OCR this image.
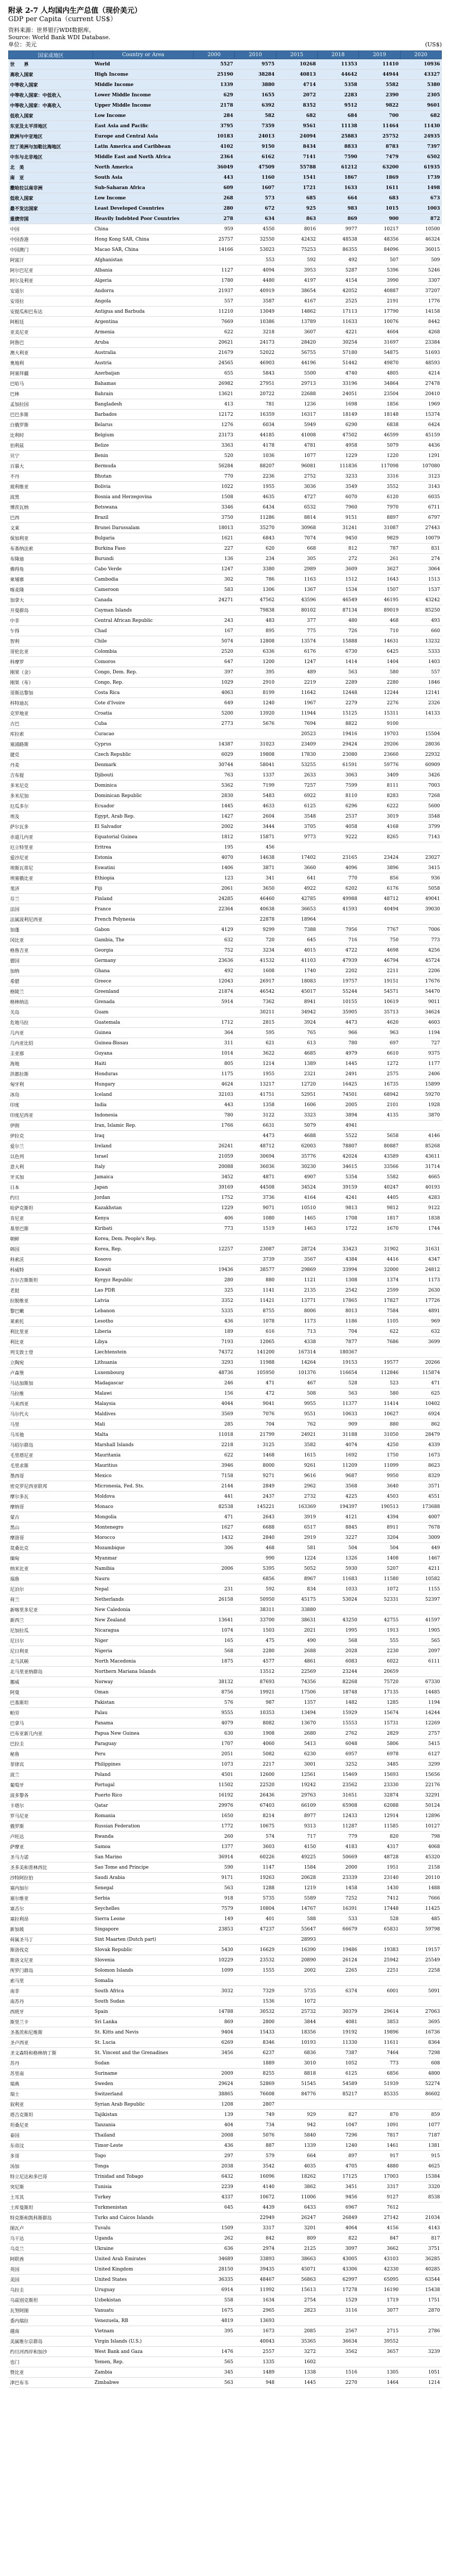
附录 2-7 人均国内生产总值（现价美元）

GDP per Capita（current US$）

资料来源：世界银行WDI数据库。

Source: World Bank WDI Database.

单位：美元	(US$)
国家或地区	Country or Area	2000	2010	2015	2018	2019	2020
世　　界	World	5527	9575	10268	11353	11410	10936
高收入国家	High Income	25190	38284	40813	44642	44944	43327
中等收入国家	Middle Income	1339	3880	4714	5358	5582	5380
中等收入国家：中低收入	Lower Middle Income	629	1655	2072	2283	2390	2305
中等收入国家：中高收入	Upper Middle Income	2178	6392	8352	9512	9822	9601
低收入国家	Low Income	284	582	682	684	700	682
东亚及太平洋地区	East Asia and Pacific	3795	7359	9561	11138	11464	11430
欧洲与中亚地区	Europe and Central Asia	10183	24013	24094	25883	25752	24935
拉丁美洲与加勒比海地区	Latin America and Caribbean	4102	9150	8434	8833	8783	7397
中东与北非地区	Middle East and North Africa	2364	6162	7141	7590	7479	6502
北　美	North America	36049	47509	55788	61212	63200	61935
南　亚	South Asia	443	1160	1541	1867	1869	1739
撒哈拉以南非洲	Sub-Saharan Africa	609	1607	1721	1633	1611	1498
低收入国家	Low Income	268	573	685	664	683	673
最不发达国家	Least Developed Countries	280	672	925	983	1015	1003
重债穷国	Heavily Indebted Poor Countries	278	634	863	869	900	872
中国	China	959	4550	8016	9977	10217	10500
中国香港	Hong Kong SAR, China	25757	32550	42432	48538	48356	46324
中国澳门	Macao SAR, China	14166	53023	75253	86355	84096	36015
阿富汗	Afghanistan		553	592	492	507	509
阿尔巴尼亚	Albania	1127	4094	3953	5287	5396	5246
阿尔及利亚	Algeria	1780	4480	4197	4154	3990	3307
安道尔	Andorra	21937	40919	38654	42052	40887	37207
安哥拉	Angola	557	3587	4167	2525	2191	1776
安提瓜和巴布达	Antigua and Barbuda	11210	13049	14862	17113	17790	14158
阿根廷	Argentina	7669	10386	13789	11633	10076	8442
亚美尼亚	Armenia	622	3218	3607	4221	4604	4268
阿鲁巴	Aruba	20621	24173	28420	30254	31697	23384
澳大利亚	Australia	21679	52022	56755	57180	54875	51693
奥地利	Austria	24565	46903	44196	51442	49870	48593
阿塞拜疆	Azerbaijan	655	5843	5500	4740	4805	4214
巴哈马	Bahamas	26982	27951	29713	33196	34864	27478
巴林	Bahrain	13621	20722	22688	24051	23504	20410
孟加拉国	Bangladesh	413	781	1236	1698	1856	1969
巴巴多斯	Barbados	12172	16359	16317	18149	18148	15374
白俄罗斯	Belarus	1276	6034	5949	6290	6838	6424
比利时	Belgium	23173	44185	41008	47502	46599	45159
伯利兹	Belize	3363	4178	4781	4958	5079	4436
贝宁	Benin	520	1036	1077	1229	1220	1291
百慕大	Bermuda	56284	88207	96081	111836	117098	107080
不丹	Bhutan	770	2236	2752	3233	3316	3123
玻利维亚	Bolivia	1022	1955	3036	3549	3552	3143
波黑	Bosnia and Herzegovina	1508	4635	4727	6070	6120	6035
博茨瓦纳	Botswana	3346	6434	6532	7960	7970	6711
巴西	Brazil	3750	11286	8814	9151	8897	6797
文莱	Brunei Darussalam	18013	35270	30968	31241	31087	27443
保加利亚	Bulgaria	1621	6843	7074	9450	9829	10079
布基纳法索	Burkina Faso	227	620	668	812	787	831
布隆迪	Burundi	136	234	305	272	261	274
佛得角	Cabo Verde	1247	3380	2989	3609	3627	3064
柬埔寨	Cambodia	302	786	1163	1512	1643	1513
喀麦隆	Cameroon	583	1306	1367	1534	1507	1537
加拿大	Canada	24271	47562	43596	46549	46195	43242
开曼群岛	Cayman Islands		79838	80102	87134	89019	85250
中非	Central African Republic	243	483	377	480	468	493
乍得	Chad	167	895	775	726	710	660
智利	Chile	5074	12808	13574	15888	14631	13232
哥伦比亚	Colombia	2520	6336	6176	6730	6425	5333
科摩罗	Comoros	647	1200	1247	1414	1404	1403
刚果（金）	Congo, Dem. Rep.	397	395	489	563	580	557
刚果（布）	Congo, Rep.	1029	2910	2219	2289	2280	1846
哥斯达黎加	Costa Rica	4063	8199	11642	12448	12244	12141
科特迪瓦	Cote d'Ivoire	649	1240	1967	2279	2276	2326
克罗地亚	Croatia	5200	13920	11944	15125	15311	14133
古巴	Cuba	2773	5676	7694	8822	9100	
库拉索	Curacao			20523	19416	19703	15504
塞浦路斯	Cyprus	14387	31023	23409	29424	29206	28036
捷克	Czech Republic	6029	19808	17830	23080	23660	22932
丹麦	Denmark	30744	58041	53255	61591	59776	60909
吉布提	Djibouti	763	1337	2633	3063	3409	3426
多米尼克	Dominica	5362	7199	7257	7599	8111	7003
多米尼加	Dominican Republic	2830	5483	6922	8110	8283	7268
厄瓜多尔	Ecuador	1445	4633	6125	6296	6222	5600
埃及	Egypt, Arab Rep.	1427	2604	3548	2537	3019	3548
萨尔瓦多	El Salvador	2002	3444	3705	4058	4168	3799
赤道几内亚	Equatorial Guinea	1812	15871	9773	9222	8265	7143
厄立特里亚	Eritrea	195	456				
爱沙尼亚	Estonia	4070	14638	17402	23165	23424	23027
埃斯瓦蒂尼	Eswatini	1406	3871	3660	4096	3896	3415
埃塞俄比亚	Ethiopia	123	341	641	770	856	936
斐济	Fiji	2061	3650	4922	6202	6176	5058
芬兰	Finland	24285	46460	42785	49988	48712	49041
法国	France	22364	40638	36653	41593	40494	39030
法属波利尼西亚	French Polynesia		22878	18964			
加蓬	Gabon	4129	9299	7388	7956	7767	7006
冈比亚	Gambia, The	632	720	645	716	750	773
格鲁吉亚	Georgia	752	3234	4015	4722	4698	4256
德国	Germany	23636	41532	41103	47939	46794	45724
加纳	Ghana	492	1608	1740	2202	2211	2206
希腊	Greece	12043	26917	18083	19757	19151	17676
格陵兰	Greenland	21874	46542	45017	55244	54571	54470
格林纳达	Grenada	5914	7362	8941	10155	10619	9011
关岛	Guam		30211	34942	35905	35713	34624
危地马拉	Guatemala	1712	2815	3924	4473	4620	4603
几内亚	Guinea	364	595	765	966	963	1194
几内亚比绍	Guinea-Bissau	311	621	613	780	697	727
圭亚那	Guyana	1014	3622	4685	4979	6610	9375
海地	Haiti	805	1214	1389	1445	1272	1177
洪都拉斯	Honduras	1175	1955	2321	2491	2575	2406
匈牙利	Hungary	4624	13217	12720	16425	16735	15899
冰岛	Iceland	32103	41751	52951	74501	68942	59270
印度	India	443	1358	1606	2005	2101	1928
印度尼西亚	Indonesia	780	3122	3323	3894	4135	3870
伊朗	Iran, Islamic Rep.	1766	6631	5079	4941		
伊拉克	Iraq		4473	4688	5522	5658	4146
爱尔兰	Ireland	26241	48712	62003	78807	80887	85268
以色列	Israel	21059	30694	35776	42024	43589	43611
意大利	Italy	20088	36036	30230	34615	33566	31714
牙买加	Jamaica	3452	4871	4907	5354	5582	4665
日本	Japan	39169	44508	34524	39159	40247	40193
约旦	Jordan	1752	3736	4164	4241	4405	4283
哈萨克斯坦	Kazakhstan	1229	9071	10510	9813	9812	9122
肯尼亚	Kenya	406	1080	1465	1708	1817	1838
基里巴斯	Kiribati	773	1519	1463	1722	1670	1744
朝鲜	Korea, Dem. People's Rep.						
韩国	Korea, Rep.	12257	23087	28724	33423	31902	31631
科索沃	Kosovo		3739	3567	4384	4416	4347
科威特	Kuwait	19436	38577	29869	33994	32000	24812
吉尔吉斯斯坦	Kyrgyz Republic	280	880	1121	1308	1374	1173
老挝	Lao PDR	325	1141	2135	2542	2599	2630
拉脱维亚	Latvia	3352	11421	13771	17865	17827	17726
黎巴嫩	Lebanon	5335	8755	8006	8013	7584	4891
莱索托	Lesotho	436	1078	1173	1186	1105	969
利比里亚	Liberia	189	616	713	704	622	632
利比亚	Libya	7193	12065	4338	7877	7686	3699
列支敦士登	Liechtenstein	74372	141200	167314	180367		
立陶宛	Lithuania	3293	11988	14264	19153	19577	20266
卢森堡	Luxembourg	48736	105950	101376	116654	112846	115874
马达加斯加	Madagascar	246	471	467	528	523	471
马拉维	Malawi	156	472	508	563	580	625
马来西亚	Malaysia	4044	9041	9955	11377	11414	10402
马尔代夫	Maldives	3569	7076	9551	10633	10627	6924
马里	Mali	285	704	762	909	880	862
马耳他	Malta	11018	21799	24921	31188	31050	28479
马绍尔群岛	Marshall Islands	2218	3125	3582	4074	4250	4339
毛里塔尼亚	Mauritania	622	1468	1615	1692	1750	1673
毛里求斯	Mauritius	3946	8000	9261	11209	11099	8623
墨西哥	Mexico	7158	9271	9616	9687	9950	8329
密克罗尼西亚联邦	Micronesia, Fed. Sts.	2144	2849	2962	3568	3640	3571
摩尔多瓦	Moldova	441	2437	2732	4225	4503	4551
摩纳哥	Monaco	82538	145221	163369	194397	190513	173688
蒙古	Mongolia	471	2643	3919	4121	4394	4007
黑山	Montenegro	1627	6688	6517	8845	8911	7678
摩洛哥	Morocco	1432	2840	2919	3227	3204	3009
莫桑比克	Mozambique	306	468	581	504	504	449
缅甸	Myanmar		990	1224	1326	1408	1467
纳米比亚	Namibia	2006	5395	5052	5930	5207	4211
瑙鲁	Nauru		6856	8967	11683	11580	10582
尼泊尔	Nepal	231	592	834	1033	1072	1155
荷兰	Netherlands	26158	50950	45175	53024	52331	52397
新喀里多尼亚	New Caledonia		38311	33880			
新西兰	New Zealand	13641	33700	38631	43250	42755	41597
尼加拉瓜	Nicaragua	1074	1503	2021	1995	1913	1905
尼日尔	Niger	165	475	490	568	555	565
尼日利亚	Nigeria	568	2280	2688	2028	2230	2097
北马其顿	North Macedonia	1875	4577	4861	6083	6022	6111
北马里亚纳群岛	Northern Mariana Islands		13512	22569	23244	20659	
挪威	Norway	38132	87693	74356	82268	75720	67330
阿曼	Oman	8756	19921	17506	18748	17135	14485
巴基斯坦	Pakistan	576	987	1357	1482	1285	1194
帕劳	Palau	9555	10353	13494	15929	15674	14244
巴拿马	Panama	4079	8082	13670	15553	15731	12269
巴布亚新几内亚	Papua New Guinea	630	1908	2680	2762	2829	2757
巴拉圭	Paraguay	1707	4060	5413	6048	5806	5415
秘鲁	Peru	2051	5082	6230	6957	6978	6127
菲律宾	Philippines	1073	2217	3001	3252	3485	3299
波兰	Poland	4501	12600	12561	15469	15693	15656
葡萄牙	Portugal	11502	22520	19242	23562	23330	22176
波多黎各	Puerto Rico	16192	26436	29763	31651	32874	32291
卡塔尔	Qatar	29976	67403	66109	65908	62088	50124
罗马尼亚	Romania	1650	8214	8977	12433	12914	12896
俄罗斯	Russian Federation	1772	10675	9313	11287	11585	10127
卢旺达	Rwanda	260	574	717	779	820	798
萨摩亚	Samoa	1377	3603	4150	4183	4317	4068
圣马力诺	San Marino	36914	60226	49225	50669	48728	45320
圣多美和普林西比	Sao Tome and Principe	590	1147	1584	2000	1951	2158
沙特阿拉伯	Saudi Arabia	9171	19263	20628	23339	23140	20110
塞内加尔	Senegal	563	1288	1219	1458	1430	1488
塞尔维亚	Serbia	918	5735	5589	7252	7412	7666
塞舌尔	Seychelles	7579	10804	14767	16391	17448	11425
塞拉利昂	Sierra Leone	149	401	588	533	528	485
新加坡	Singapore	23853	47237	55647	66679	65831	59798
荷属圣马丁	Sint Maarten (Dutch part)			28993			
斯洛伐克	Slovak Republic	5430	16629	16390	19486	19383	19157
斯洛文尼亚	Slovenia	10229	23532	20890	26124	25942	25549
所罗门群岛	Solomon Islands	1099	1555	2002	2265	2251	2258
索马里	Somalia						
南非	South Africa	3032	7329	5735	6374	6001	5091
南苏丹	South Sudan		1536	1072			
西班牙	Spain	14788	30532	25732	30379	29614	27063
斯里兰卡	Sri Lanka	869	2800	3844	4081	3853	3695
圣基茨和尼维斯	St. Kitts and Nevis	9404	15433	18356	19192	19896	16736
圣卢西亚	St. Lucia	6269	8346	10193	11330	11611	8364
圣文森特和格林纳丁斯	St. Vincent and the Grenadines	3456	6237	6836	7387	7464	7298
苏丹	Sudan		1889	3010	1052	773	608
苏里南	Suriname	2009	8255	8818	6125	6856	4800
瑞典	Sweden	29624	52869	51545	54589	51939	52274
瑞士	Switzerland	38865	76608	84776	85217	85335	86602
叙利亚	Syrian Arab Republic	1208	2807				
塔吉克斯坦	Tajikistan	139	749	929	827	870	859
坦桑尼亚	Tanzania	404	734	942	1047	1091	1077
泰国	Thailand	2008	5076	5840	7296	7817	7187
东帝汶	Timor-Leste	436	887	1339	1240	1461	1381
多哥	Togo	297	579	664	897	917	915
汤加	Tonga	2038	3542	4035	4705	4880	4625
特立尼达和多巴哥	Trinidad and Tobago	6432	16096	18262	17125	17003	15384
突尼斯	Tunisia	2239	4140	3862	3451	3317	3320
土耳其	Turkey	4337	10672	11006	9456	9127	8538
土库曼斯坦	Turkmenistan	645	4439	6433	6967	7612	
特克斯和凯科斯群岛	Turks and Caicos Islands		22949	26247	26849	27142	21034
图瓦卢	Tuvalu	1509	3317	3201	4064	4156	4143
乌干达	Uganda	262	842	809	822	847	817
乌克兰	Ukraine	636	2974	2125	3097	3662	3751
阿联酋	United Arab Emirates	34689	33893	38663	43005	43103	36285
英国	United Kingdom	28150	39435	45071	43306	42330	40285
美国	United States	36335	48467	56863	62997	65095	63544
乌拉圭	Uruguay	6914	11992	15613	17278	16190	15438
乌兹别克斯坦	Uzbekistan	558	1634	2754	1529	1719	1751
瓦努阿图	Vanuatu	1675	2965	2823	3116	3077	2870
委内瑞拉	Venezuela, RB	4819	13693				
越南	Vietnam	395	1673	2085	2567	2715	2786
美属维尔京群岛	Virgin Islands (U.S.)		40043	35365	36634	39552	
约旦河西岸和加沙	West Bank and Gaza	1476	2557	3272	3562	3657	3239
也门	Yemen, Rep.	565	1335	1602			
赞比亚	Zambia	345	1489	1338	1516	1305	1051
津巴布韦	Zimbabwe	563	948	1445	2270	1464	1214
